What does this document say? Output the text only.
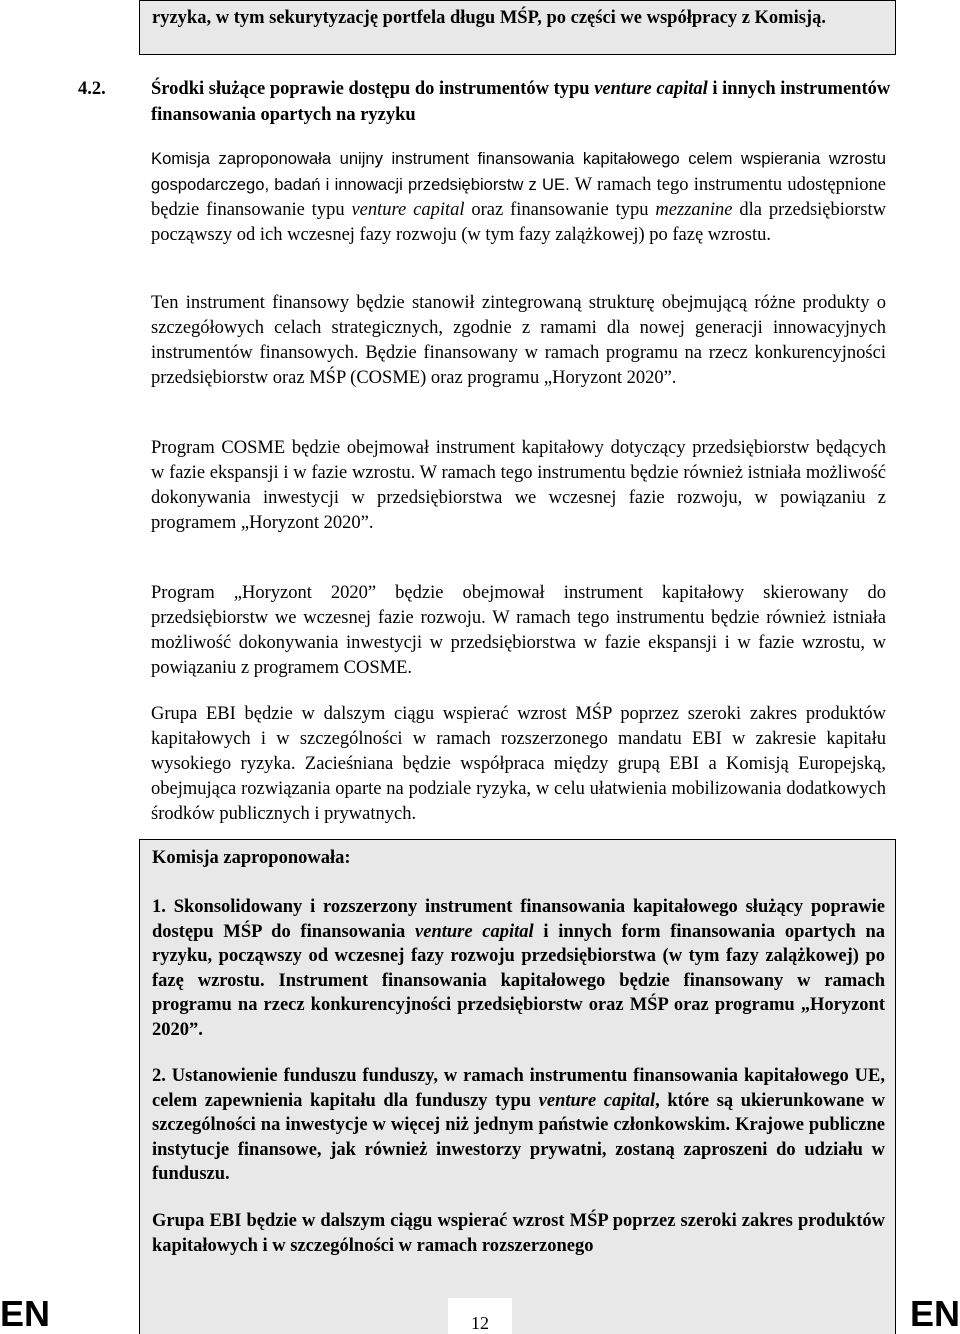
ryzyka, w tym sekurytyzację portfela długu MŚP, po części we współpracy z Komisją.
4.2. Środki służące poprawie dostępu do instrumentów typu venture capital i innych instrumentów finansowania opartych na ryzyku
Komisja zaproponowała unijny instrument finansowania kapitałowego celem wspierania wzrostu gospodarczego, badań i innowacji przedsiębiorstw z UE. W ramach tego instrumentu udostępnione będzie finansowanie typu venture capital oraz finansowanie typu mezzanine dla przedsiębiorstw począwszy od ich wczesnej fazy rozwoju (w tym fazy zalążkowej) po fazę wzrostu.
Ten instrument finansowy będzie stanowił zintegrowaną strukturę obejmującą różne produkty o szczegółowych celach strategicznych, zgodnie z ramami dla nowej generacji innowacyjnych instrumentów finansowych. Będzie finansowany w ramach programu na rzecz konkurencyjności przedsiębiorstw oraz MŚP (COSME) oraz programu „Horyzont 2020”.
Program COSME będzie obejmował instrument kapitałowy dotyczący przedsiębiorstw będących w fazie ekspansji i w fazie wzrostu. W ramach tego instrumentu będzie również istniała możliwość dokonywania inwestycji w przedsiębiorstwa we wczesnej fazie rozwoju, w powiązaniu z programem „Horyzont 2020”.
Program „Horyzont 2020” będzie obejmował instrument kapitałowy skierowany do przedsiębiorstw we wczesnej fazie rozwoju. W ramach tego instrumentu będzie również istniała możliwość dokonywania inwestycji w przedsiębiorstwa w fazie ekspansji i w fazie wzrostu, w powiązaniu z programem COSME.
Grupa EBI będzie w dalszym ciągu wspierać wzrost MŚP poprzez szeroki zakres produktów kapitałowych i w szczególności w ramach rozszerzonego mandatu EBI w zakresie kapitału wysokiego ryzyka. Zacieśniana będzie współpraca między grupą EBI a Komisją Europejską, obejmująca rozwiązania oparte na podziale ryzyka, w celu ułatwienia mobilizowania dodatkowych środków publicznych i prywatnych.
Komisja zaproponowała:
1. Skonsolidowany i rozszerzony instrument finansowania kapitałowego służący poprawie dostępu MŚP do finansowania venture capital i innych form finansowania opartych na ryzyku, począwszy od wczesnej fazy rozwoju przedsiębiorstwa (w tym fazy zalążkowej) po fazę wzrostu. Instrument finansowania kapitałowego będzie finansowany w ramach programu na rzecz konkurencyjności przedsiębiorstw oraz MŚP oraz programu „Horyzont 2020”.
2. Ustanowienie funduszu funduszy, w ramach instrumentu finansowania kapitałowego UE, celem zapewnienia kapitału dla funduszy typu venture capital, które są ukierunkowane w szczególności na inwestycje w więcej niż jednym państwie członkowskim. Krajowe publiczne instytucje finansowe, jak również inwestorzy prywatni, zostaną zaproszeni do udziału w funduszu.
Grupa EBI będzie w dalszym ciągu wspierać wzrost MŚP poprzez szeroki zakres produktów kapitałowych i w szczególności w ramach rozszerzonego
EN	12	EN
